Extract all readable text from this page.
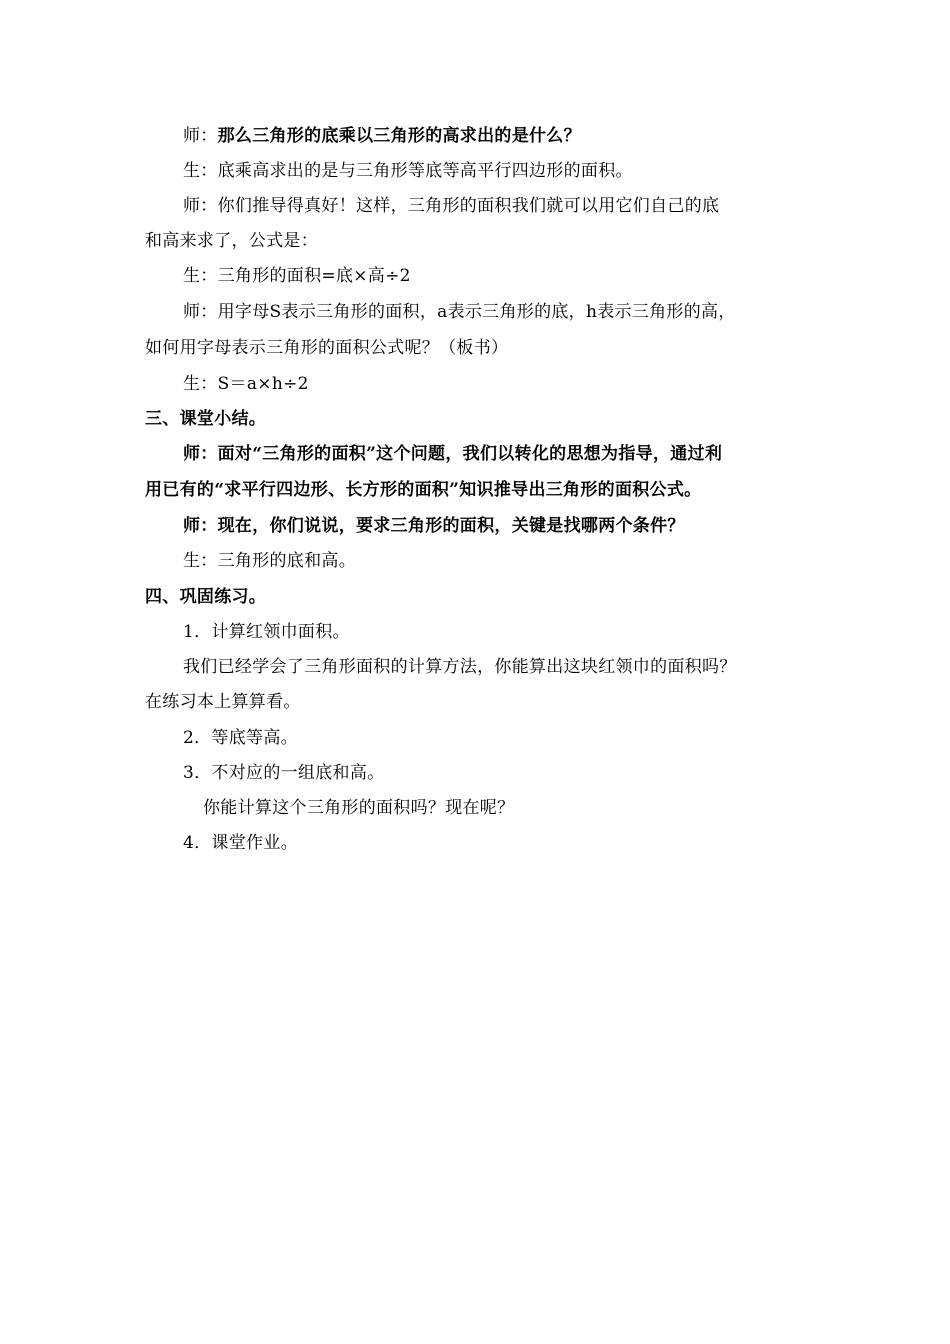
师：那么三角形的底乘以三角形的高求出的是什么？
生：底乘高求出的是与三角形等底等高平行四边形的面积。
师：你们推导得真好！这样，三角形的面积我们就可以用它们自己的底
和高来求了，公式是：
生：三角形的面积=底×高÷2
师：用字母S表示三角形的面积，a表示三角形的底，h表示三角形的高，
如何用字母表示三角形的面积公式呢？（板书）
生：S＝a×h÷2
三、课堂小结。
师：面对“三角形的面积”这个问题，我们以转化的思想为指导，通过利
用已有的“求平行四边形、长方形的面积”知识推导出三角形的面积公式。
师：现在，你们说说，要求三角形的面积，关键是找哪两个条件？
生：三角形的底和高。
四、巩固练习。
1．计算红领巾面积。
我们已经学会了三角形面积的计算方法，你能算出这块红领巾的面积吗？
在练习本上算算看。
2．等底等高。
3．不对应的一组底和高。
你能计算这个三角形的面积吗？现在呢？
4．课堂作业。
